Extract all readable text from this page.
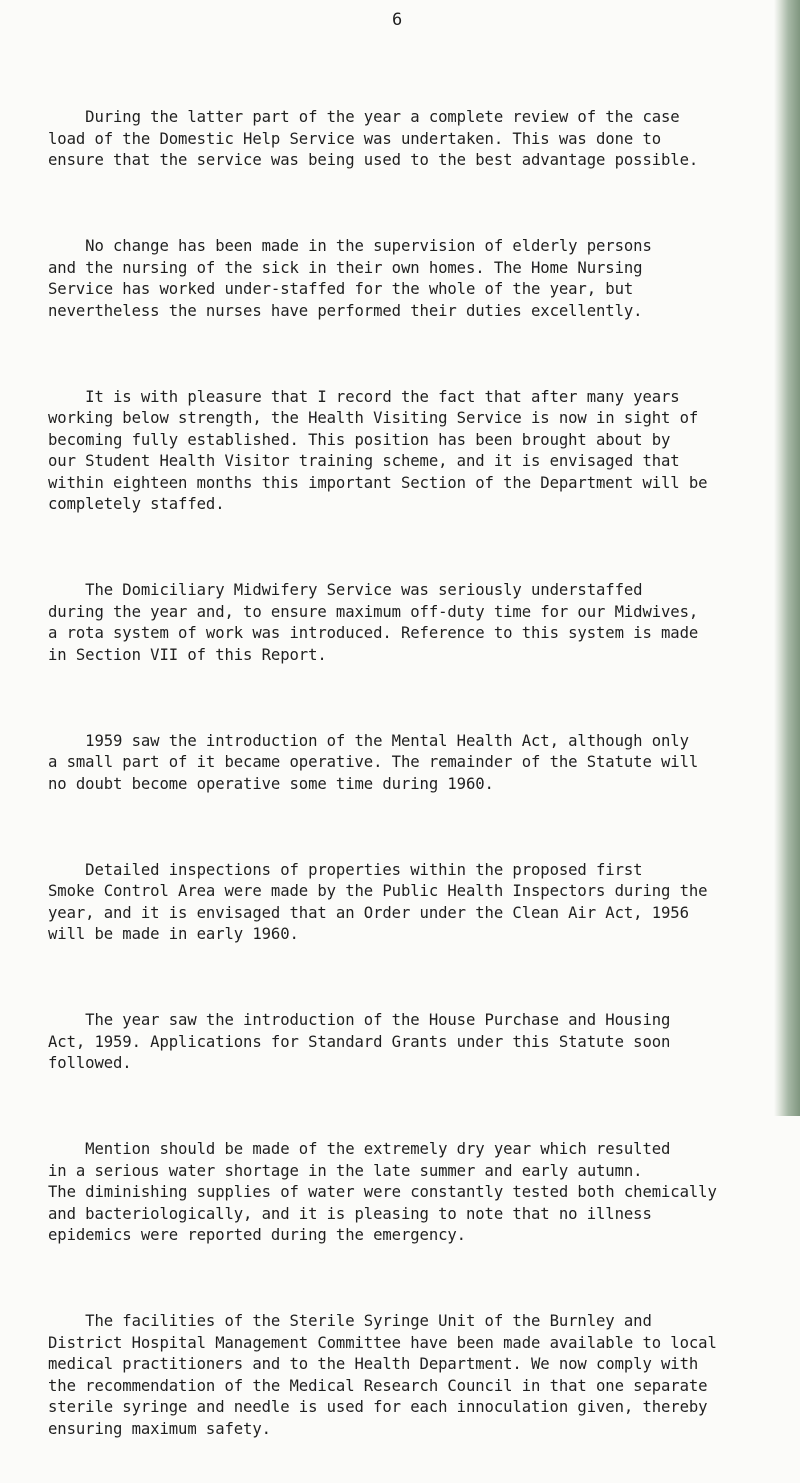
6

During the latter part of the year a complete review of the case
load of the Domestic Help Service was undertaken. This was done to
ensure that the service was being used to the best advantage possible.

No change has been made in the supervision of elderly persons
and the nursing of the sick in their own homes. The Home Nursing
Service has worked under-staffed for the whole of the year, but
nevertheless the nurses have performed their duties excellently.

It is with pleasure that I record the fact that after many years
working below strength, the Health Visiting Service is now in sight of
becoming fully established. This position has been brought about by
our Student Health Visitor training scheme, and it is envisaged that
within eighteen months this important Section of the Department will be
completely staffed.

The Domiciliary Midwifery Service was seriously understaffed
during the year and, to ensure maximum off-duty time for our Midwives,
a rota system of work was introduced. Reference to this system is made
in Section VII of this Report.

1959 saw the introduction of the Mental Health Act, although only
a small part of it became operative. The remainder of the Statute will
no doubt become operative some time during 1960.

Detailed inspections of properties within the proposed first
Smoke Control Area were made by the Public Health Inspectors during the
year, and it is envisaged that an Order under the Clean Air Act, 1956
will be made in early 1960.

The year saw the introduction of the House Purchase and Housing
Act, 1959. Applications for Standard Grants under this Statute soon
followed.

Mention should be made of the extremely dry year which resulted
in a serious water shortage in the late summer and early autumn.
The diminishing supplies of water were constantly tested both chemically
and bacteriologically, and it is pleasing to note that no illness
epidemics were reported during the emergency.

The facilities of the Sterile Syringe Unit of the Burnley and
District Hospital Management Committee have been made available to local
medical practitioners and to the Health Department. We now comply with
the recommendation of the Medical Research Council in that one separate
sterile syringe and needle is used for each innoculation given, thereby
ensuring maximum safety.
